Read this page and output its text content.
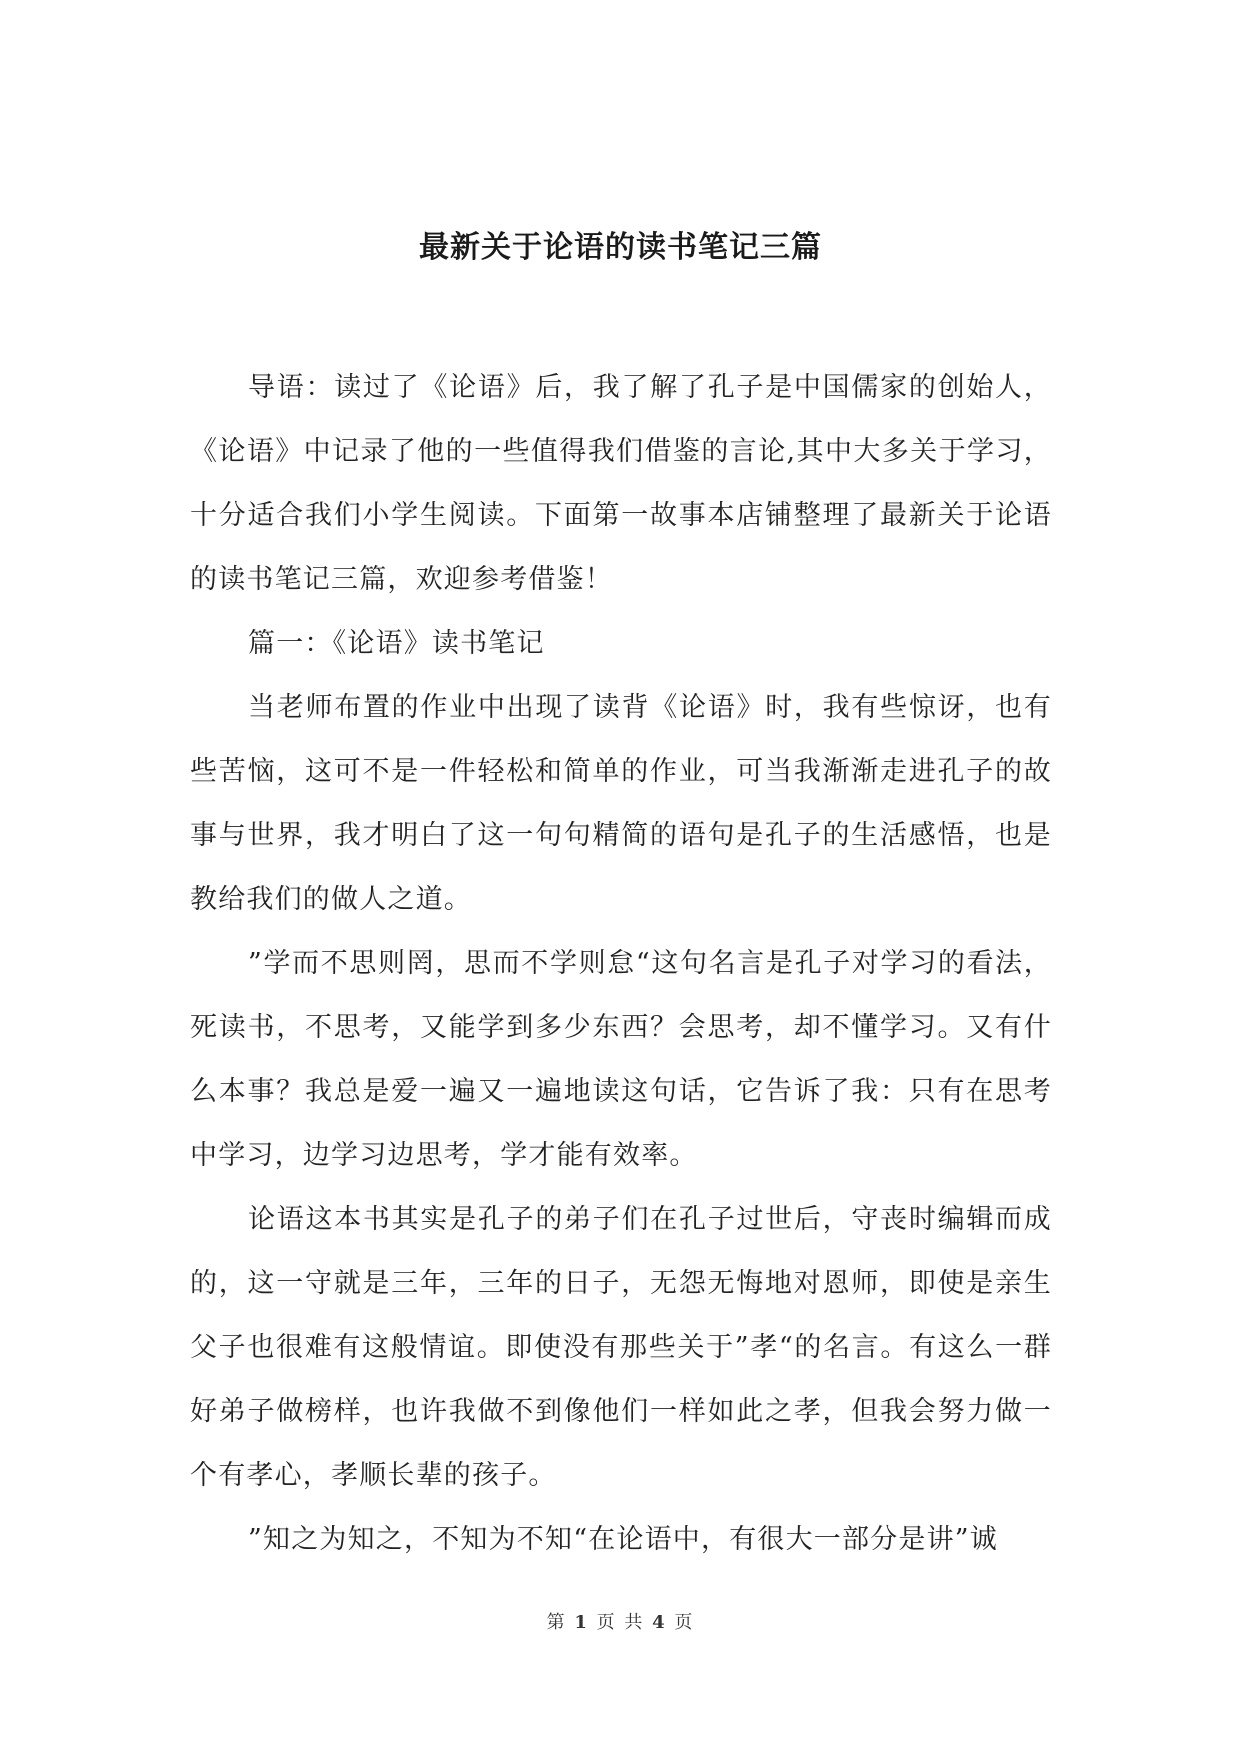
最新关于论语的读书笔记三篇

导语：读过了《论语》后，我了解了孔子是中国儒家的创始人，《论语》中记录了他的一些值得我们借鉴的言论,其中大多关于学习，十分适合我们小学生阅读。下面第一故事本店铺整理了最新关于论语的读书笔记三篇，欢迎参考借鉴！

篇一：《论语》读书笔记

当老师布置的作业中出现了读背《论语》时，我有些惊讶，也有些苦恼，这可不是一件轻松和简单的作业，可当我渐渐走进孔子的故事与世界，我才明白了这一句句精简的语句是孔子的生活感悟，也是教给我们的做人之道。

”学而不思则罔，思而不学则怠“这句名言是孔子对学习的看法，死读书，不思考，又能学到多少东西？会思考，却不懂学习。又有什么本事？我总是爱一遍又一遍地读这句话，它告诉了我：只有在思考中学习，边学习边思考，学才能有效率。

论语这本书其实是孔子的弟子们在孔子过世后，守丧时编辑而成的，这一守就是三年，三年的日子，无怨无悔地对恩师，即使是亲生父子也很难有这般情谊。即使没有那些关于”孝“的名言。有这么一群好弟子做榜样，也许我做不到像他们一样如此之孝，但我会努力做一个有孝心，孝顺长辈的孩子。

”知之为知之，不知为不知“在论语中，有很大一部分是讲”诚

第 1 页 共 4 页
